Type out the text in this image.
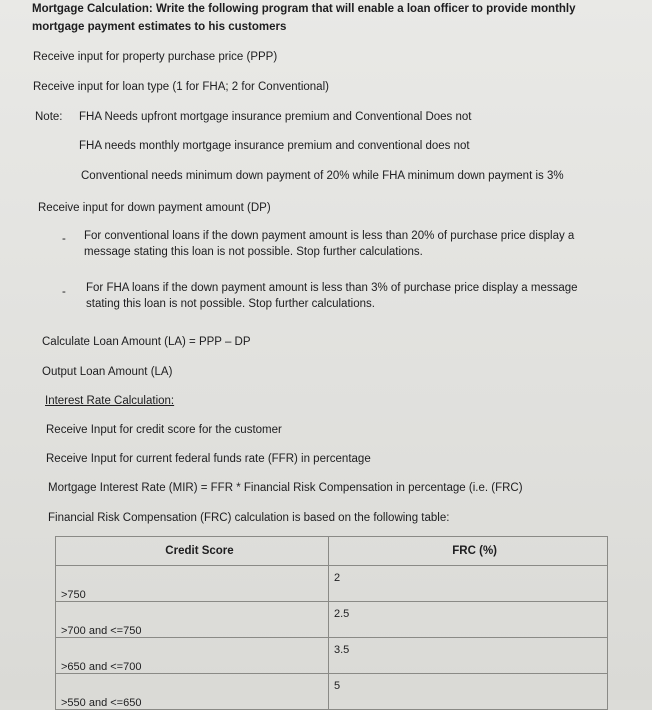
Mortgage Calculation: Write the following program that will enable a loan officer to provide monthly
mortgage payment estimates to his customers
Receive input for property purchase price (PPP)
Receive input for loan type (1 for FHA; 2 for Conventional)
Note: FHA Needs upfront mortgage insurance premium and Conventional Does not
FHA needs monthly mortgage insurance premium and conventional does not
Conventional needs minimum down payment of 20% while FHA minimum down payment is 3%
Receive input for down payment amount (DP)
- For conventional loans if the down payment amount is less than 20% of purchase price display a message stating this loan is not possible. Stop further calculations.
- For FHA loans if the down payment amount is less than 3% of purchase price display a message stating this loan is not possible. Stop further calculations.
Calculate Loan Amount (LA) = PPP – DP
Output Loan Amount (LA)
Interest Rate Calculation:
Receive Input for credit score for the customer
Receive Input for current federal funds rate (FFR) in percentage
Mortgage Interest Rate (MIR) = FFR * Financial Risk Compensation in percentage (i.e. (FRC)
Financial Risk Compensation (FRC) calculation is based on the following table:
Credit Score	FRC (%)
>750	2
>700 and <=750	2.5
>650 and <=700	3.5
>550 and <=650	5
